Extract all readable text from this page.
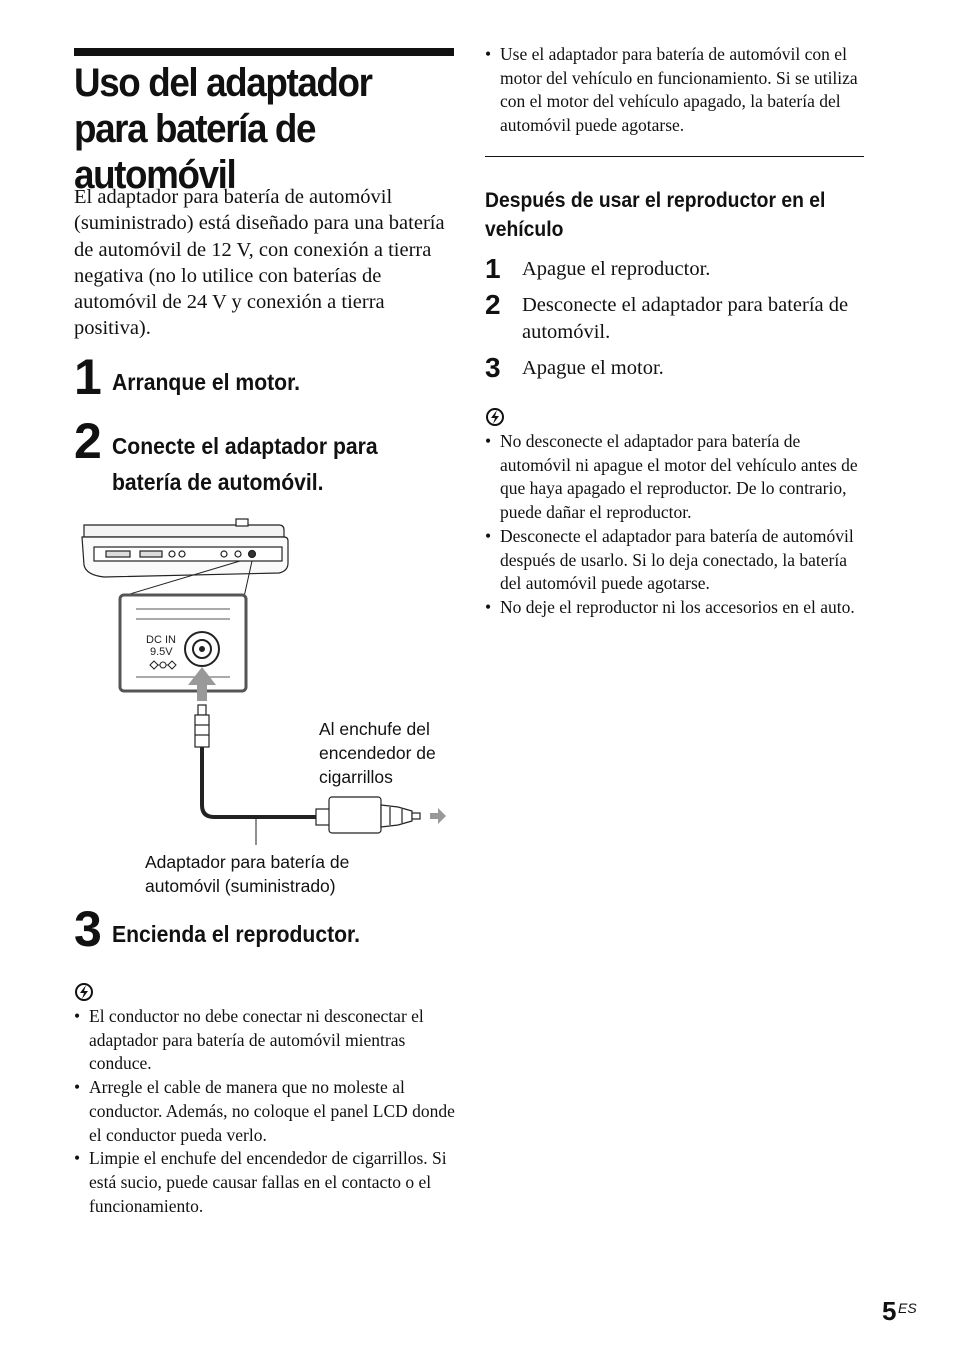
Uso del adaptador para batería de automóvil
El adaptador para batería de automóvil (suministrado) está diseñado para una batería de automóvil de 12 V, con conexión a tierra negativa (no lo utilice con baterías de automóvil de 24 V y conexión a tierra positiva).
1 Arranque el motor.
2 Conecte el adaptador para batería de automóvil.
DC IN
9.5V
Al enchufe del encendedor de cigarrillos
Adaptador para batería de automóvil (suministrado)
3 Encienda el reproductor.
• El conductor no debe conectar ni desconectar el adaptador para batería de automóvil mientras conduce.
• Arregle el cable de manera que no moleste al conductor. Además, no coloque el panel LCD donde el conductor pueda verlo.
• Limpie el enchufe del encendedor de cigarrillos. Si está sucio, puede causar fallas en el contacto o el funcionamiento.
• Use el adaptador para batería de automóvil con el motor del vehículo en funcionamiento. Si se utiliza con el motor del vehículo apagado, la batería del automóvil puede agotarse.
Después de usar el reproductor en el vehículo
1 Apague el reproductor.
2 Desconecte el adaptador para batería de automóvil.
3 Apague el motor.
• No desconecte el adaptador para batería de automóvil ni apague el motor del vehículo antes de que haya apagado el reproductor. De lo contrario, puede dañar el reproductor.
• Desconecte el adaptador para batería de automóvil después de usarlo. Si lo deja conectado, la batería del automóvil puede agotarse.
• No deje el reproductor ni los accesorios en el auto.
5 ES
